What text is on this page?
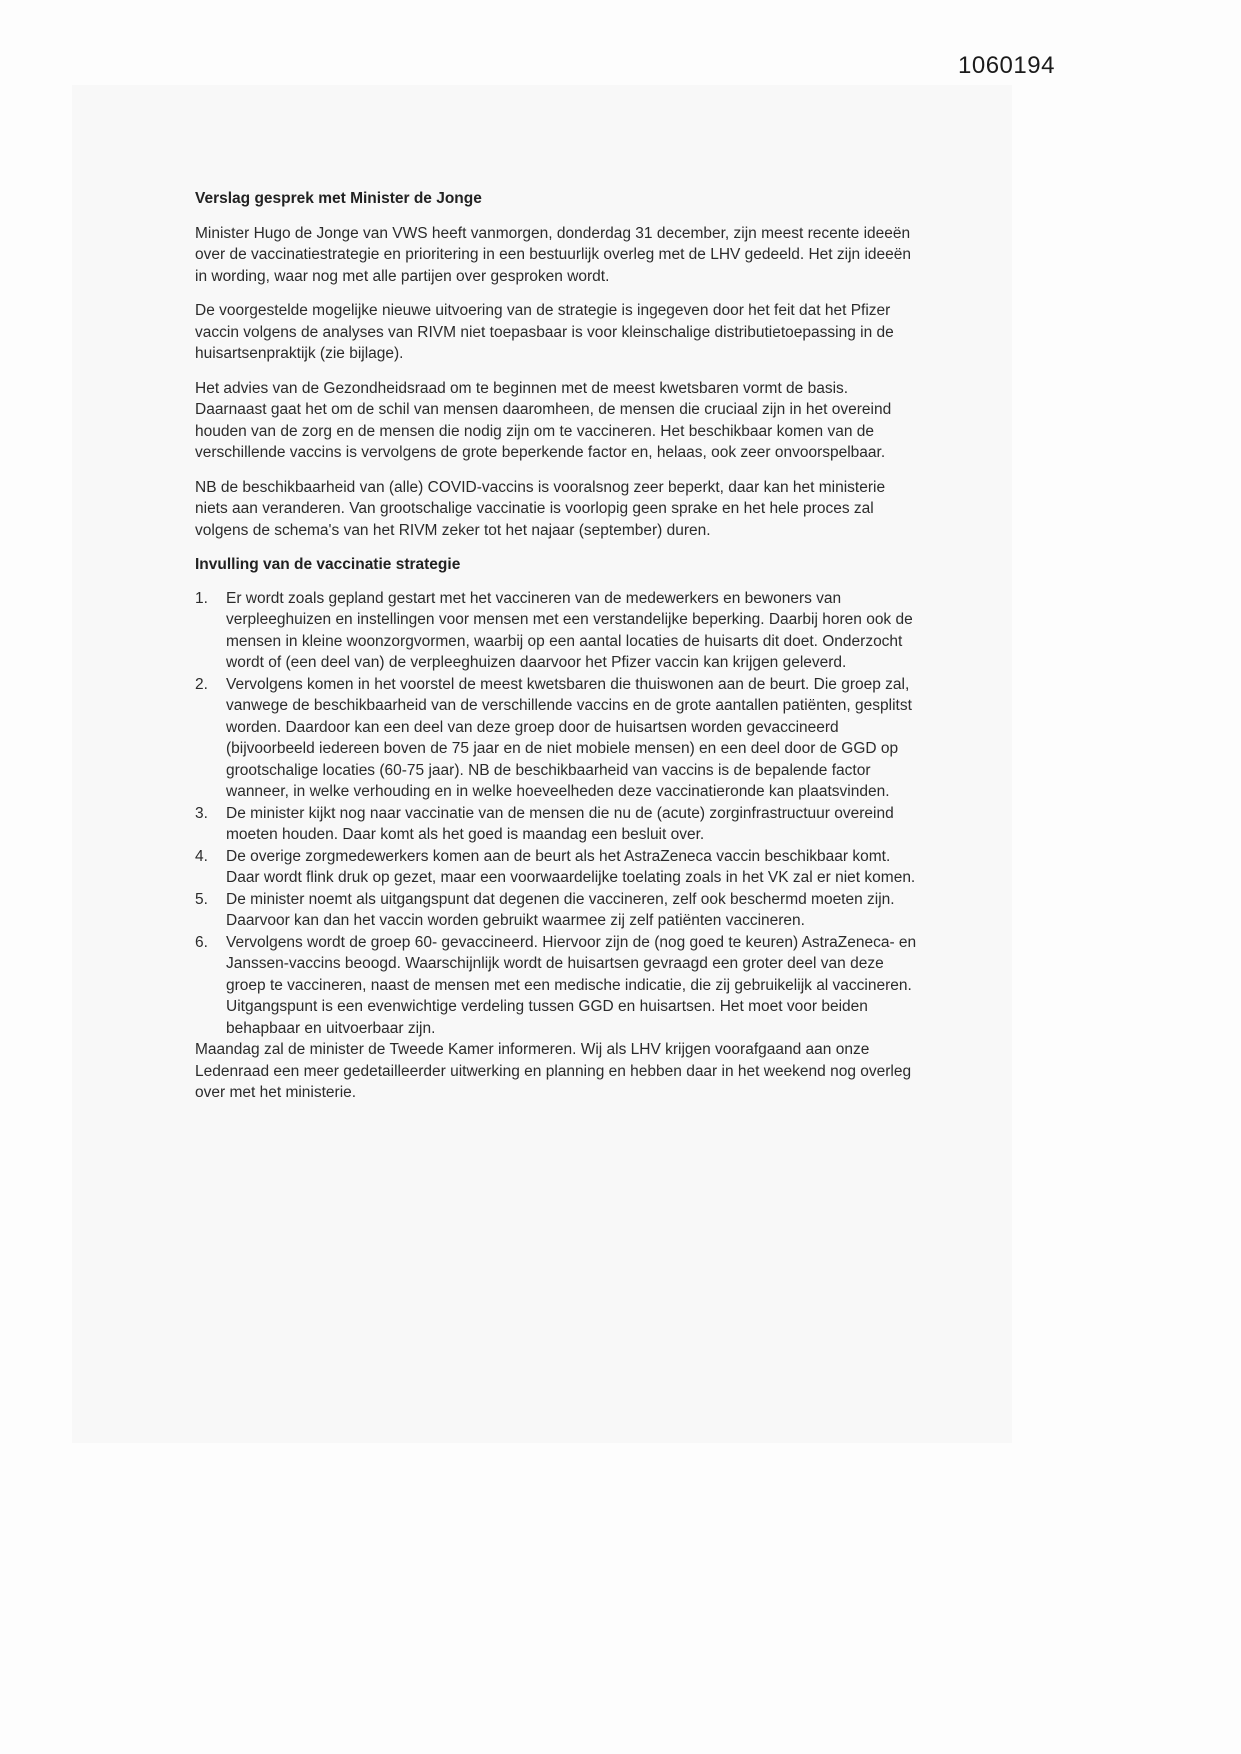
1060194
Verslag gesprek met Minister de Jonge

Minister Hugo de Jonge van VWS heeft vanmorgen, donderdag 31 december, zijn meest recente ideeën over de vaccinatiestrategie en prioritering in een bestuurlijk overleg met de LHV gedeeld. Het zijn ideeën in wording, waar nog met alle partijen over gesproken wordt.

De voorgestelde mogelijke nieuwe uitvoering van de strategie is ingegeven door het feit dat het Pfizer vaccin volgens de analyses van RIVM niet toepasbaar is voor kleinschalige distributietoepassing in de huisartsenpraktijk (zie bijlage).

Het advies van de Gezondheidsraad om te beginnen met de meest kwetsbaren vormt de basis. Daarnaast gaat het om de schil van mensen daaromheen, de mensen die cruciaal zijn in het overeind houden van de zorg en de mensen die nodig zijn om te vaccineren. Het beschikbaar komen van de verschillende vaccins is vervolgens de grote beperkende factor en, helaas, ook zeer onvoorspelbaar.

NB de beschikbaarheid van (alle) COVID-vaccins is vooralsnog zeer beperkt, daar kan het ministerie niets aan veranderen. Van grootschalige vaccinatie is voorlopig geen sprake en het hele proces zal volgens de schema's van het RIVM zeker tot het najaar (september) duren.

Invulling van de vaccinatie strategie
1.	Er wordt zoals gepland gestart met het vaccineren van de medewerkers en bewoners van verpleeghuizen en instellingen voor mensen met een verstandelijke beperking. Daarbij horen ook de mensen in kleine woonzorgvormen, waarbij op een aantal locaties de huisarts dit doet. Onderzocht wordt of (een deel van) de verpleeghuizen daarvoor het Pfizer vaccin kan krijgen geleverd.
2.	Vervolgens komen in het voorstel de meest kwetsbaren die thuiswonen aan de beurt. Die groep zal, vanwege de beschikbaarheid van de verschillende vaccins en de grote aantallen patiënten, gesplitst worden. Daardoor kan een deel van deze groep door de huisartsen worden gevaccineerd (bijvoorbeeld iedereen boven de 75 jaar en de niet mobiele mensen) en een deel door de GGD op grootschalige locaties (60-75 jaar). NB de beschikbaarheid van vaccins is de bepalende factor wanneer, in welke verhouding en in welke hoeveelheden deze vaccinatieronde kan plaatsvinden.
3.	De minister kijkt nog naar vaccinatie van de mensen die nu de (acute) zorginfrastructuur overeind moeten houden. Daar komt als het goed is maandag een besluit over.
4.	De overige zorgmedewerkers komen aan de beurt als het AstraZeneca vaccin beschikbaar komt. Daar wordt flink druk op gezet, maar een voorwaardelijke toelating zoals in het VK zal er niet komen.
5.	De minister noemt als uitgangspunt dat degenen die vaccineren, zelf ook beschermd moeten zijn. Daarvoor kan dan het vaccin worden gebruikt waarmee zij zelf patiënten vaccineren.
6.	Vervolgens wordt de groep 60- gevaccineerd. Hiervoor zijn de (nog goed te keuren) AstraZeneca- en Janssen-vaccins beoogd. Waarschijnlijk wordt de huisartsen gevraagd een groter deel van deze groep te vaccineren, naast de mensen met een medische indicatie, die zij gebruikelijk al vaccineren. Uitgangspunt is een evenwichtige verdeling tussen GGD en huisartsen. Het moet voor beiden behapbaar en uitvoerbaar zijn.

Maandag zal de minister de Tweede Kamer informeren. Wij als LHV krijgen voorafgaand aan onze Ledenraad een meer gedetailleerder uitwerking en planning en hebben daar in het weekend nog overleg over met het ministerie.
